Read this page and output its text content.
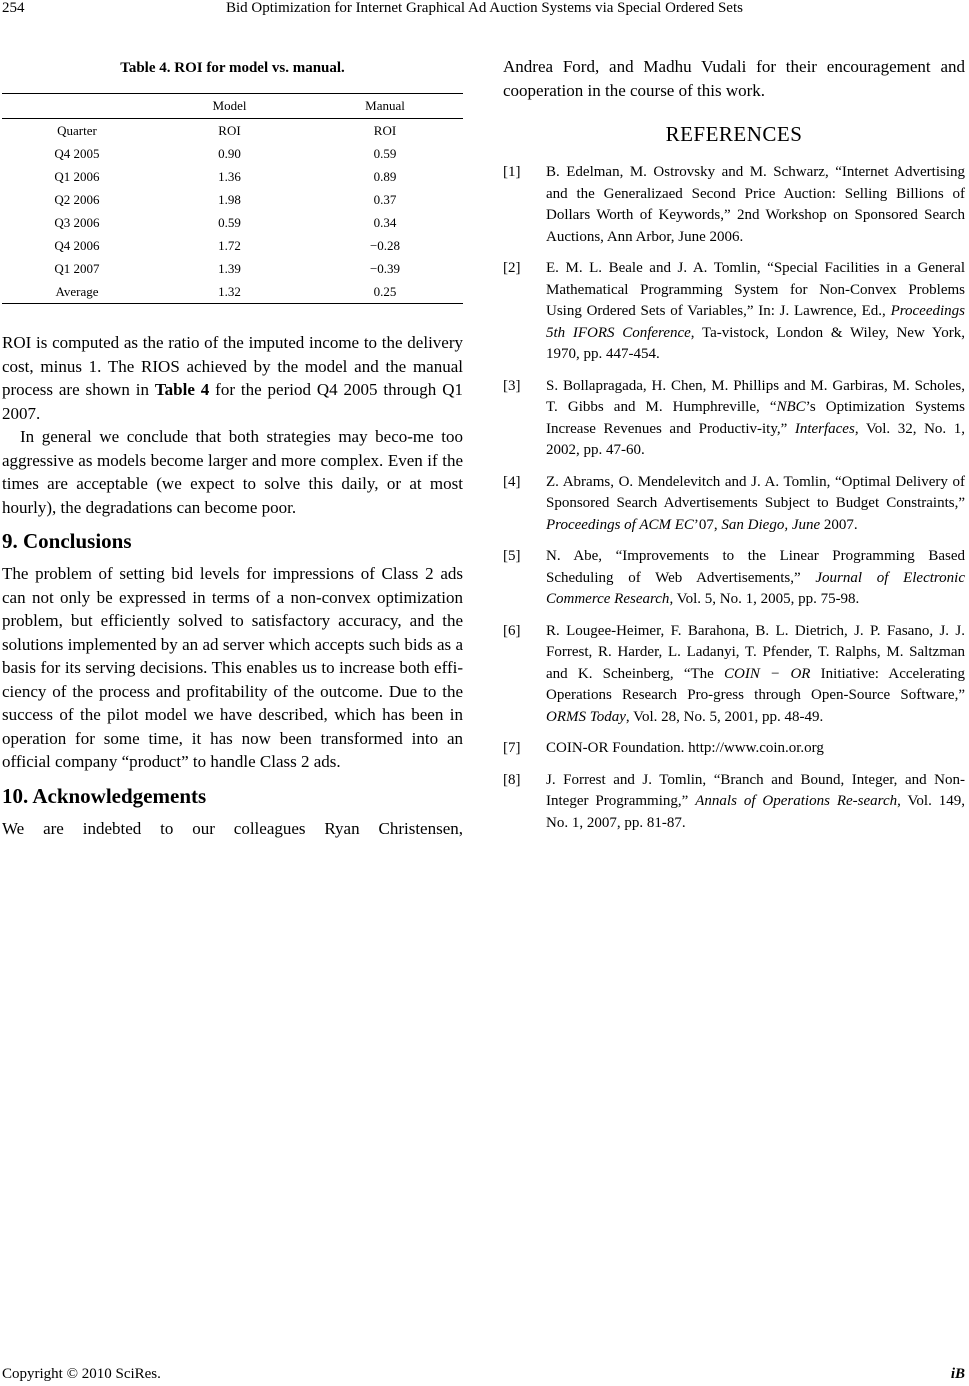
254	Bid Optimization for Internet Graphical Ad Auction Systems via Special Ordered Sets
Table 4. ROI for model vs. manual.
	Model	Manual
Quarter	ROI	ROI
Q4 2005	0.90	0.59
Q1 2006	1.36	0.89
Q2 2006	1.98	0.37
Q3 2006	0.59	0.34
Q4 2006	1.72	−0.28
Q1 2007	1.39	−0.39
Average	1.32	0.25

ROI is computed as the ratio of the imputed income to the delivery cost, minus 1. The RIOS achieved by the model and the manual process are shown in Table 4 for the period Q4 2005 through Q1 2007.

In general we conclude that both strategies may beco-me too aggressive as models become larger and more complex. Even if the times are acceptable (we expect to solve this daily, or at most hourly), the degradations can become poor.

9. Conclusions

The problem of setting bid levels for impressions of Class 2 ads can not only be expressed in terms of a non-convex optimization problem, but efficiently solved to satisfactory accuracy, and the solutions implemented by an ad server which accepts such bids as a basis for its serving decisions. This enables us to increase both effi-ciency of the process and profitability of the outcome. Due to the success of the pilot model we have described, which has been in operation for some time, it has now been transformed into an official company “product” to handle Class 2 ads.

10. Acknowledgements

We are indebted to our colleagues Ryan Christensen,

Andrea Ford, and Madhu Vudali for their encouragement and cooperation in the course of this work.

REFERENCES
[1] B. Edelman, M. Ostrovsky and M. Schwarz, “Internet Advertising and the Generalizaed Second Price Auction: Selling Billions of Dollars Worth of Keywords,” 2nd Workshop on Sponsored Search Auctions, Ann Arbor, June 2006.
[2] E. M. L. Beale and J. A. Tomlin, “Special Facilities in a General Mathematical Programming System for Non-Convex Problems Using Ordered Sets of Variables,” In: J. Lawrence, Ed., Proceedings 5th IFORS Conference, Ta-vistock, London & Wiley, New York, 1970, pp. 447-454.
[3] S. Bollapragada, H. Chen, M. Phillips and M. Garbiras, M. Scholes, T. Gibbs and M. Humphreville, “NBC’s Optimization Systems Increase Revenues and Productiv-ity,” Interfaces, Vol. 32, No. 1, 2002, pp. 47-60.
[4] Z. Abrams, O. Mendelevitch and J. A. Tomlin, “Optimal Delivery of Sponsored Search Advertisements Subject to Budget Constraints,” Proceedings of ACM EC’07, San Diego, June 2007.
[5] N. Abe, “Improvements to the Linear Programming Based Scheduling of Web Advertisements,” Journal of Electronic Commerce Research, Vol. 5, No. 1, 2005, pp. 75-98.
[6] R. Lougee-Heimer, F. Barahona, B. L. Dietrich, J. P. Fasano, J. J. Forrest, R. Harder, L. Ladanyi, T. Pfender, T. Ralphs, M. Saltzman and K. Scheinberg, “The COIN − OR Initiative: Accelerating Operations Research Pro-gress through Open-Source Software,” ORMS Today, Vol. 28, No. 5, 2001, pp. 48-49.
[7] COIN-OR Foundation. http://www.coin.or.org
[8] J. Forrest and J. Tomlin, “Branch and Bound, Integer, and Non-Integer Programming,” Annals of Operations Re-search, Vol. 149, No. 1, 2007, pp. 81-87.
Copyright © 2010 SciRes.	iB
